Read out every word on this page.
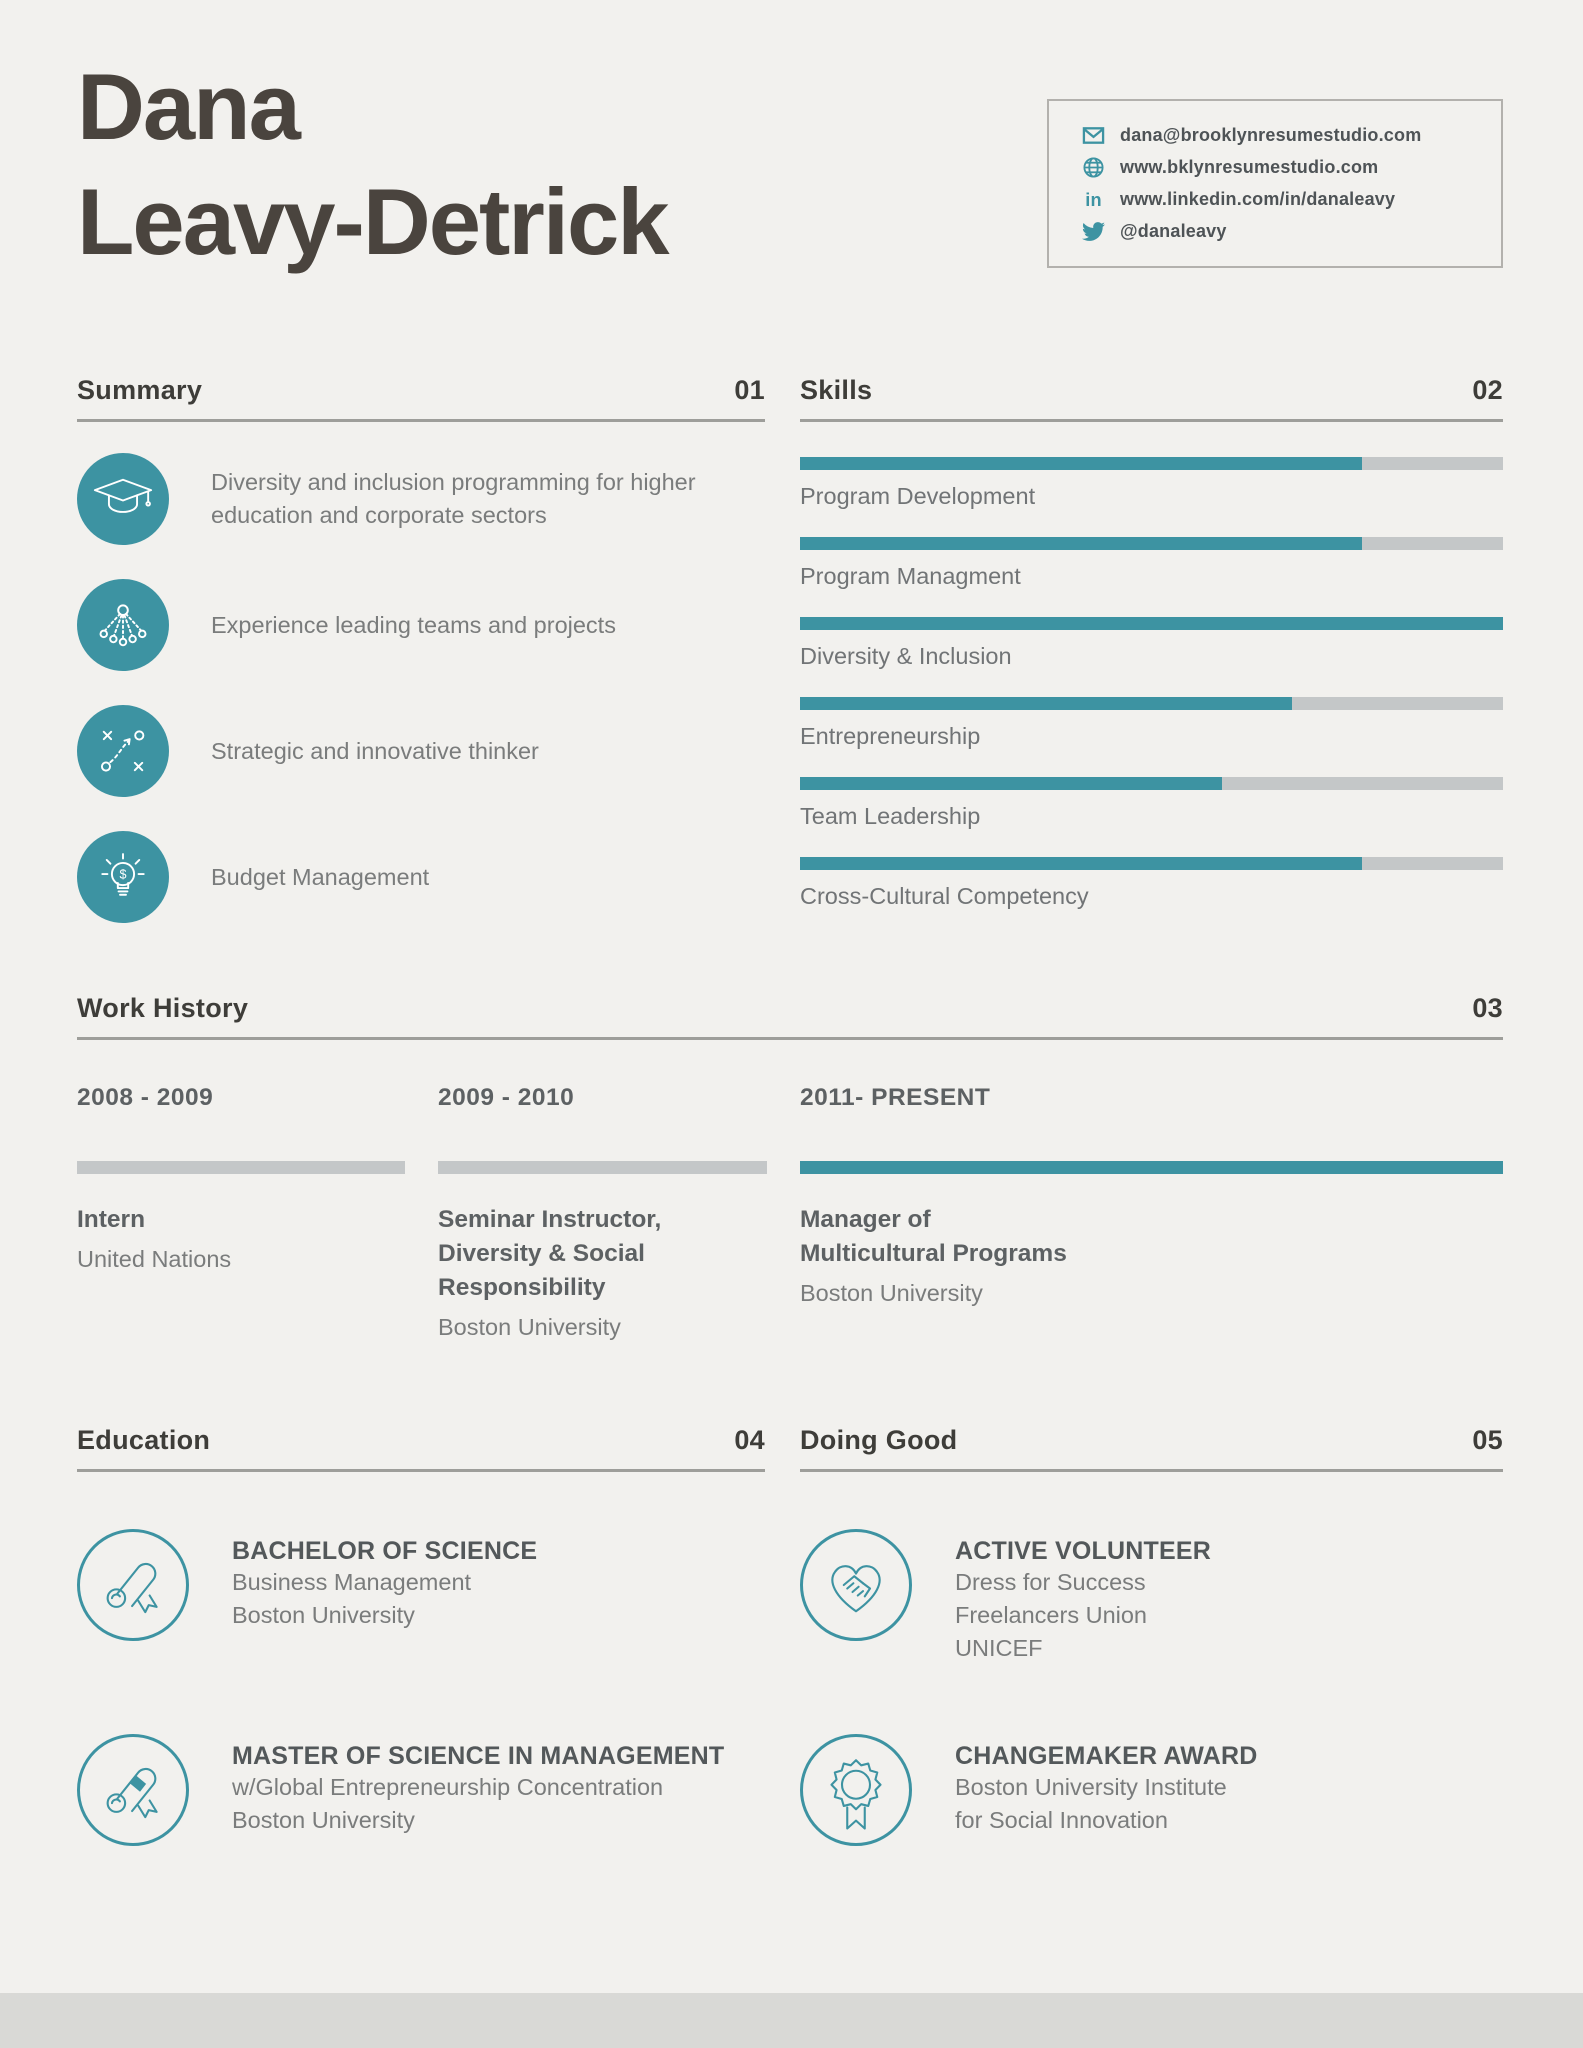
Dana
Leavy-Detrick
dana@brooklynresumestudio.com
www.bklynresumestudio.com
in www.linkedin.com/in/danaleavy
@danaleavy
Summary	01
Diversity and inclusion programming for higher education and corporate sectors
Experience leading teams and projects
Strategic and innovative thinker
$	Budget Management
Skills	02
Program Development
Program Managment
Diversity & Inclusion
Entrepreneurship
Team Leadership
Cross-Cultural Competency
Work History	03
2008 - 2009
Intern
United Nations
2009 - 2010
Seminar Instructor,
Diversity & Social
Responsibility
Boston University
2011- PRESENT
Manager of
Multicultural Programs
Boston University
Education	04
BACHELOR OF SCIENCE
Business Management
Boston University
MASTER OF SCIENCE IN MANAGEMENT
w/Global Entrepreneurship Concentration
Boston University
Doing Good	05
ACTIVE VOLUNTEER
Dress for Success
Freelancers Union
UNICEF
CHANGEMAKER AWARD
Boston University Institute
for Social Innovation
